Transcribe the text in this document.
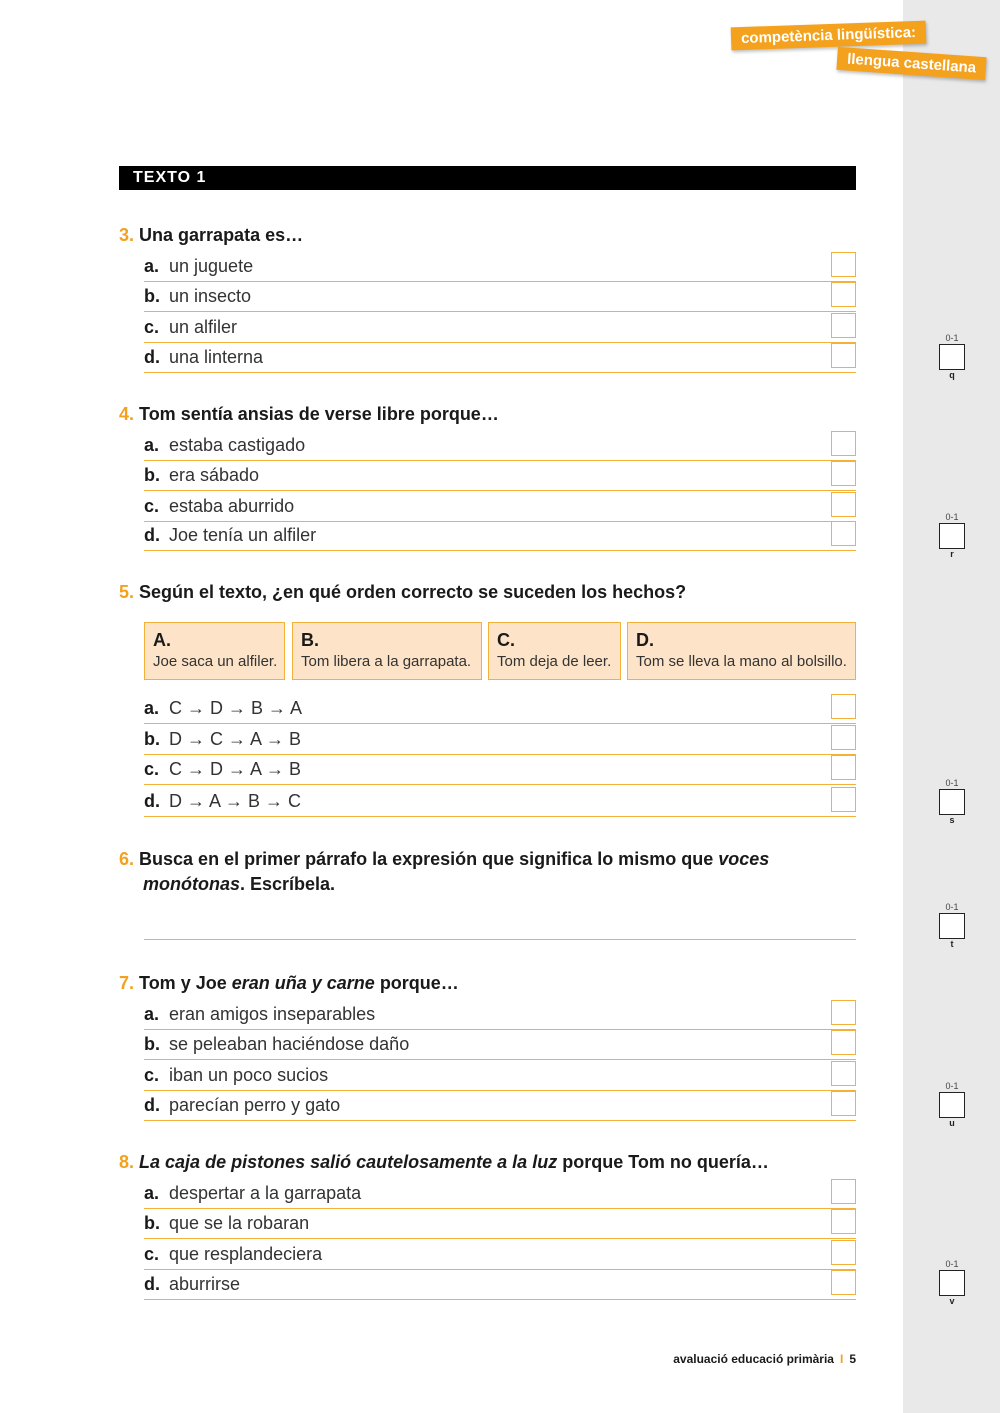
competència lingüística:
llengua castellana
TEXTO 1
3. Una garrapata es…
a. un juguete
b. un insecto
c. un alfiler
d. una linterna
4. Tom sentía ansias de verse libre porque…
a. estaba castigado
b. era sábado
c. estaba aburrido
d. Joe tenía un alfiler
5. Según el texto, ¿en qué orden correcto se suceden los hechos?
A.
Joe saca un alfiler.
B.
Tom libera a la garrapata.
C.
Tom deja de leer.
D.
Tom se lleva la mano al bolsillo.
a. C → D → B → A
b. D → C → A → B
c. C → D → A → B
d. D → A → B → C
6. Busca en el primer párrafo la expresión que significa lo mismo que voces
monótonas. Escríbela.
7. Tom y Joe eran uña y carne porque…
a. eran amigos inseparables
b. se peleaban haciéndose daño
c. iban un poco sucios
d. parecían perro y gato
8. La caja de pistones salió cautelosamente a la luz porque Tom no quería…
a. despertar a la garrapata
b. que se la robaran
c. que resplandeciera
d. aburrirse
0-1
q
0-1
r
0-1
s
0-1
t
0-1
u
0-1
v
avaluació educació primària I 5
